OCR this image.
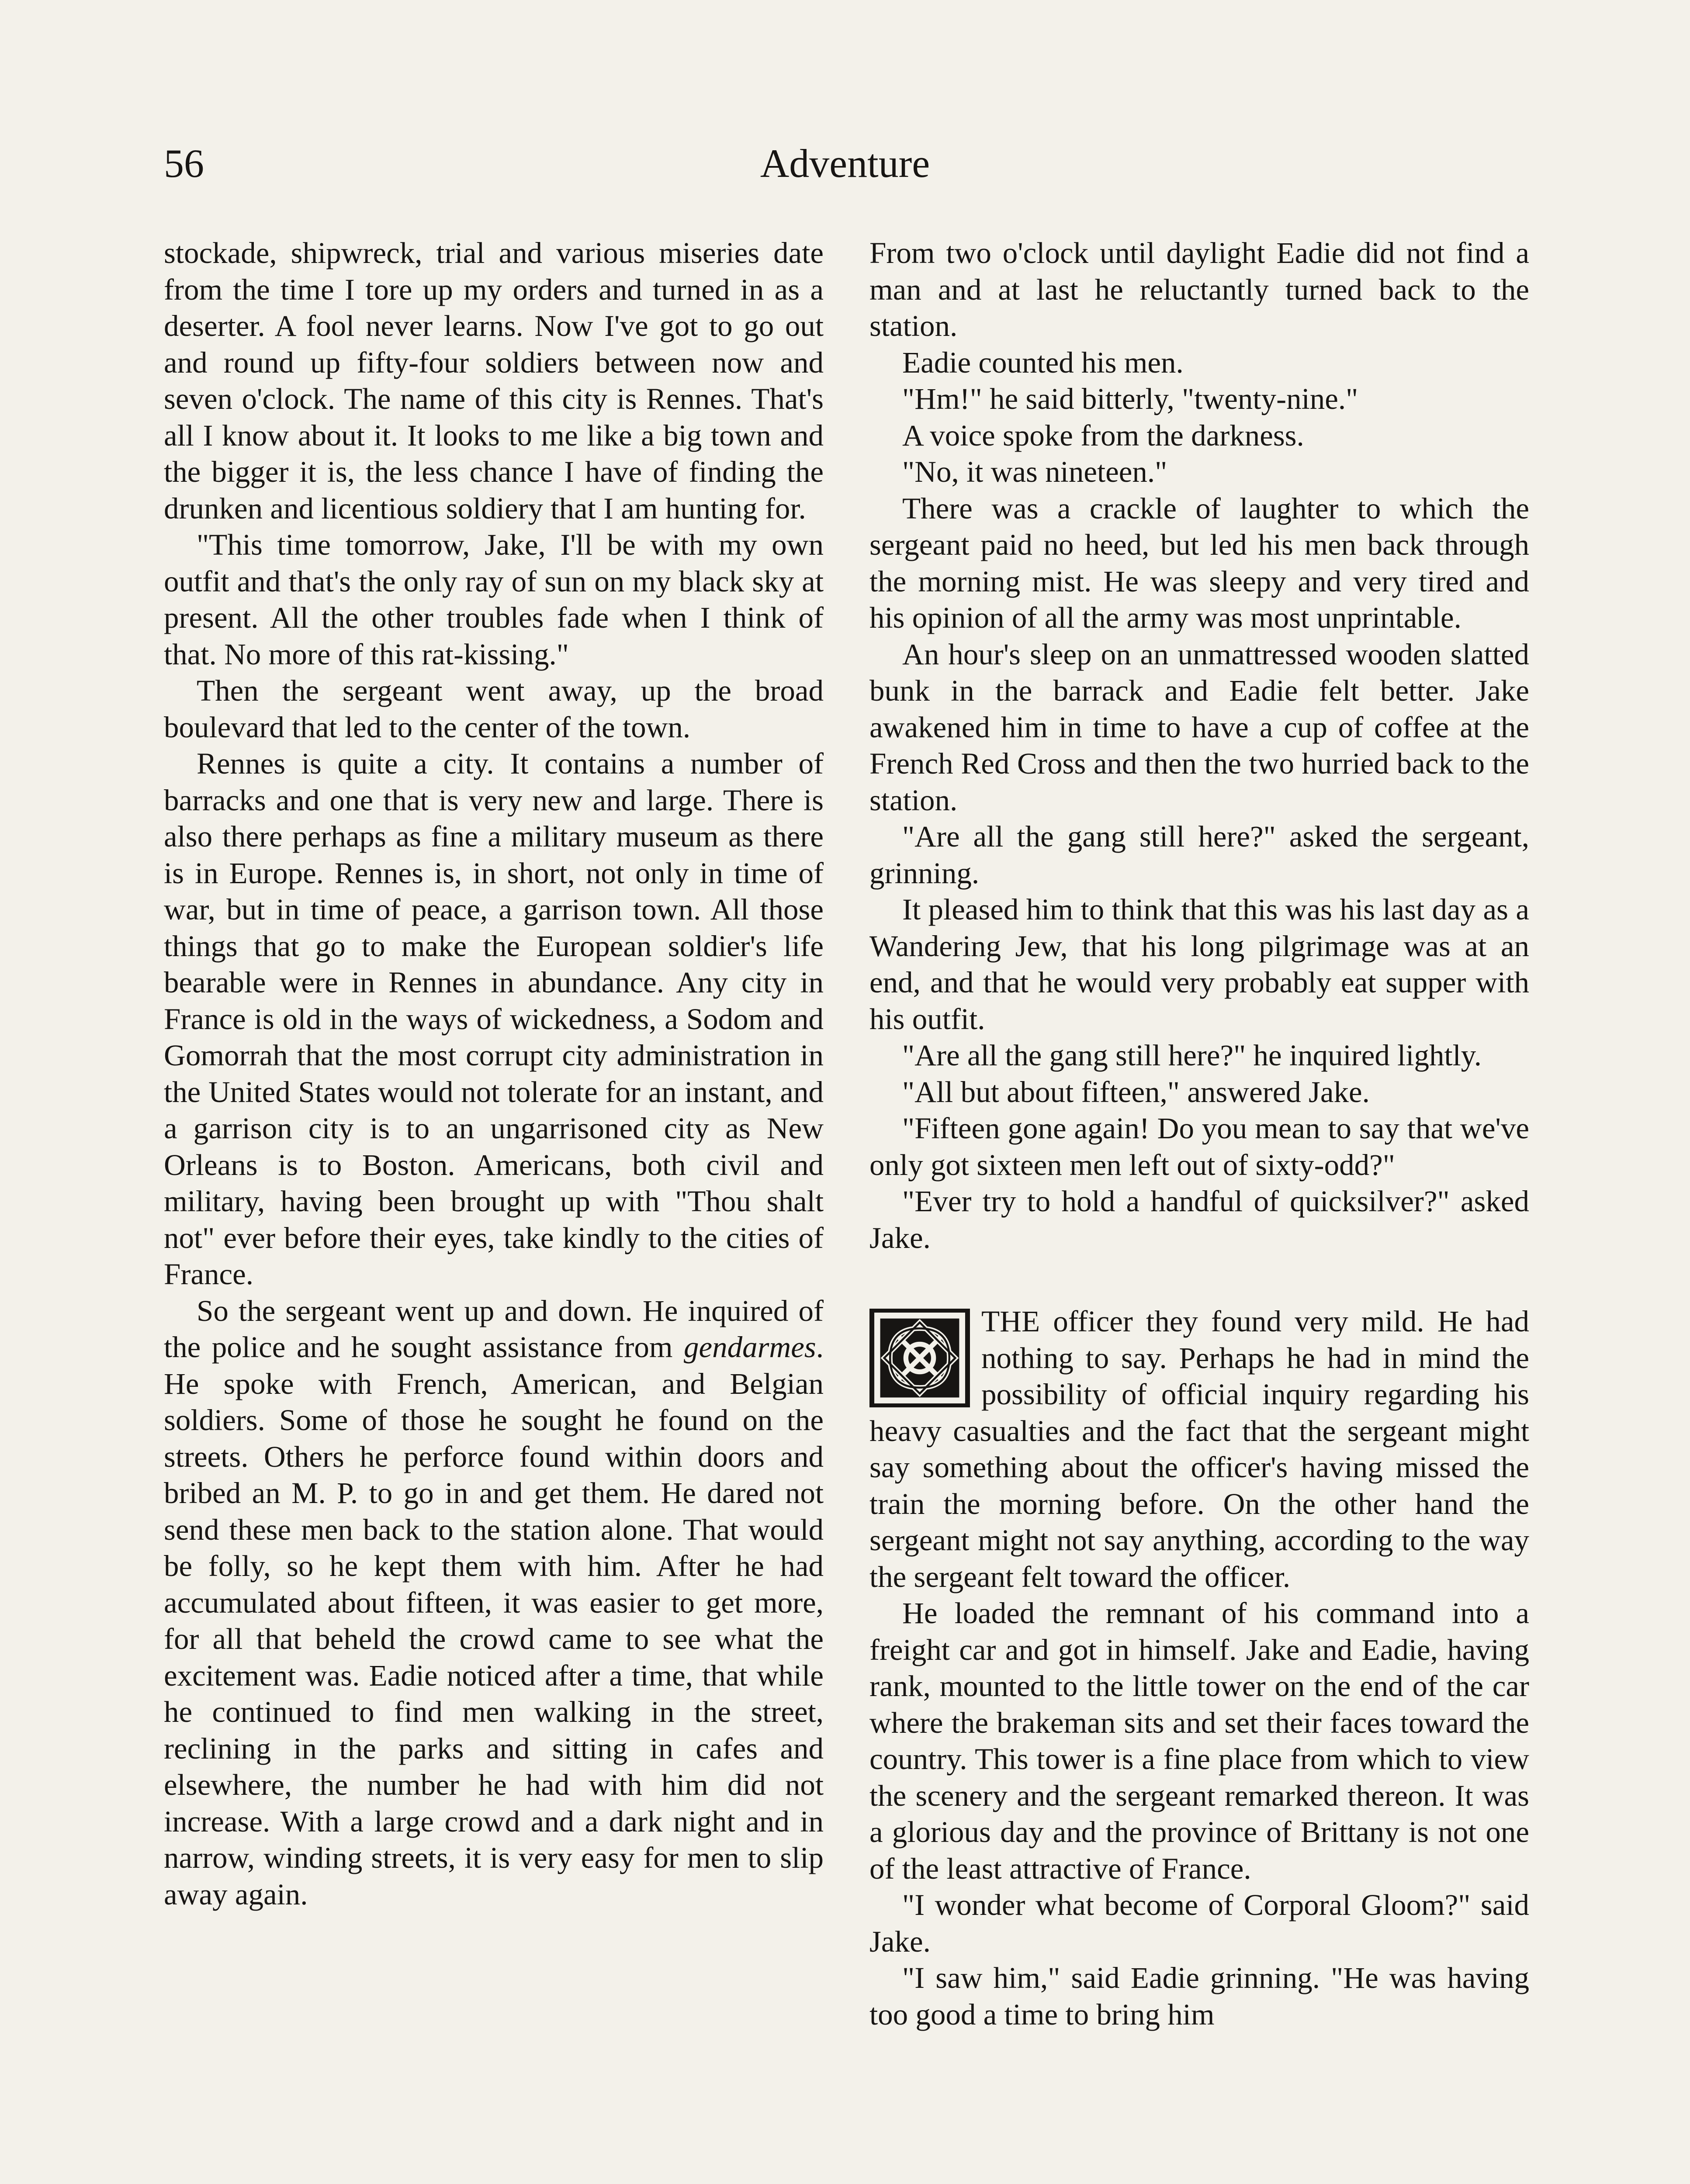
56	Adventure

stockade, shipwreck, trial and various miseries date from the time I tore up my orders and turned in as a deserter. A fool never learns. Now I've got to go out and round up fifty-four soldiers between now and seven o'clock. The name of this city is Rennes. That's all I know about it. It looks to me like a big town and the bigger it is, the less chance I have of finding the drunken and licentious soldiery that I am hunting for.

"This time tomorrow, Jake, I'll be with my own outfit and that's the only ray of sun on my black sky at present. All the other troubles fade when I think of that. No more of this rat-kissing."

Then the sergeant went away, up the broad boulevard that led to the center of the town.

Rennes is quite a city. It contains a number of barracks and one that is very new and large. There is also there perhaps as fine a military museum as there is in Europe. Rennes is, in short, not only in time of war, but in time of peace, a garrison town. All those things that go to make the European soldier's life bearable were in Rennes in abundance. Any city in France is old in the ways of wickedness, a Sodom and Gomorrah that the most corrupt city administration in the United States would not tolerate for an instant, and a garrison city is to an ungarrisoned city as New Orleans is to Boston. Americans, both civil and military, having been brought up with "Thou shalt not" ever before their eyes, take kindly to the cities of France.

So the sergeant went up and down. He inquired of the police and he sought assistance from gendarmes. He spoke with French, American, and Belgian soldiers. Some of those he sought he found on the streets. Others he perforce found within doors and bribed an M. P. to go in and get them. He dared not send these men back to the station alone. That would be folly, so he kept them with him. After he had accumulated about fifteen, it was easier to get more, for all that beheld the crowd came to see what the excitement was. Eadie noticed after a time, that while he continued to find men walking in the street, reclining in the parks and sitting in cafes and elsewhere, the number he had with him did not increase. With a large crowd and a dark night and in narrow, winding streets, it is very easy for men to slip away again.

From two o'clock until daylight Eadie did not find a man and at last he reluctantly turned back to the station.

Eadie counted his men.

"Hm!" he said bitterly, "twenty-nine."

A voice spoke from the darkness.

"No, it was nineteen."

There was a crackle of laughter to which the sergeant paid no heed, but led his men back through the morning mist. He was sleepy and very tired and his opinion of all the army was most unprintable.

An hour's sleep on an unmattressed wooden slatted bunk in the barrack and Eadie felt better. Jake awakened him in time to have a cup of coffee at the French Red Cross and then the two hurried back to the station.

"Are all the gang still here?" asked the sergeant, grinning.

It pleased him to think that this was his last day as a Wandering Jew, that his long pilgrimage was at an end, and that he would very probably eat supper with his outfit.

"Are all the gang still here?" he inquired lightly.

"All but about fifteen," answered Jake.

"Fifteen gone again! Do you mean to say that we've only got sixteen men left out of sixty-odd?"

"Ever try to hold a handful of quicksilver?" asked Jake.

THE officer they found very mild. He had nothing to say. Perhaps he had in mind the possibility of official inquiry regarding his heavy casualties and the fact that the sergeant might say something about the officer's having missed the train the morning before. On the other hand the sergeant might not say anything, according to the way the sergeant felt toward the officer.

He loaded the remnant of his command into a freight car and got in himself. Jake and Eadie, having rank, mounted to the little tower on the end of the car where the brakeman sits and set their faces toward the country. This tower is a fine place from which to view the scenery and the sergeant remarked thereon. It was a glorious day and the province of Brittany is not one of the least attractive of France.

"I wonder what become of Corporal Gloom?" said Jake.

"I saw him," said Eadie grinning. "He was having too good a time to bring him
